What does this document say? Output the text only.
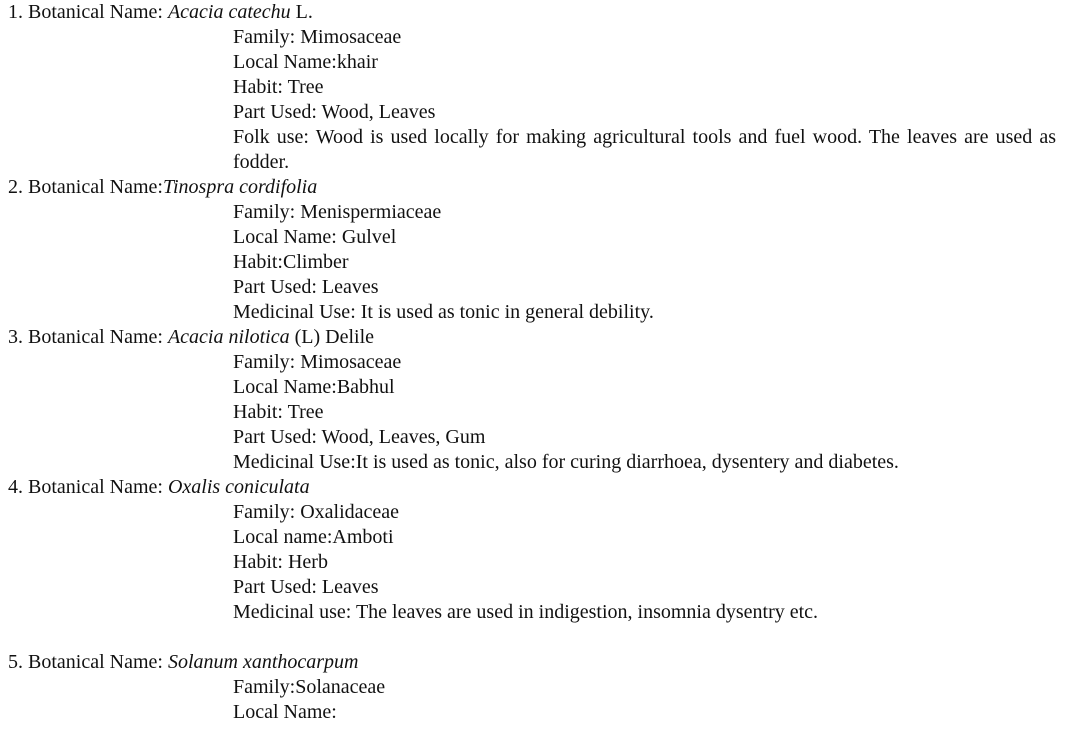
1. Botanical Name: Acacia catechu L.
Family: Mimosaceae
Local Name:khair
Habit: Tree
Part Used: Wood, Leaves
Folk use: Wood is used locally for making agricultural tools and fuel wood. The leaves are used as fodder.
2. Botanical Name:Tinospra cordifolia
Family: Menispermiaceae
Local Name: Gulvel
Habit:Climber
Part Used: Leaves
Medicinal Use: It is used as tonic in general debility.
3. Botanical Name: Acacia nilotica (L) Delile
Family: Mimosaceae
Local Name:Babhul
Habit: Tree
Part Used: Wood, Leaves, Gum
Medicinal Use:It is used as tonic, also for curing diarrhoea, dysentery and diabetes.
4. Botanical Name: Oxalis coniculata
Family: Oxalidaceae
Local name:Amboti
Habit: Herb
Part Used: Leaves
Medicinal use: The leaves are used in indigestion, insomnia dysentry etc.
5. Botanical Name: Solanum xanthocarpum
Family:Solanaceae
Local Name:
